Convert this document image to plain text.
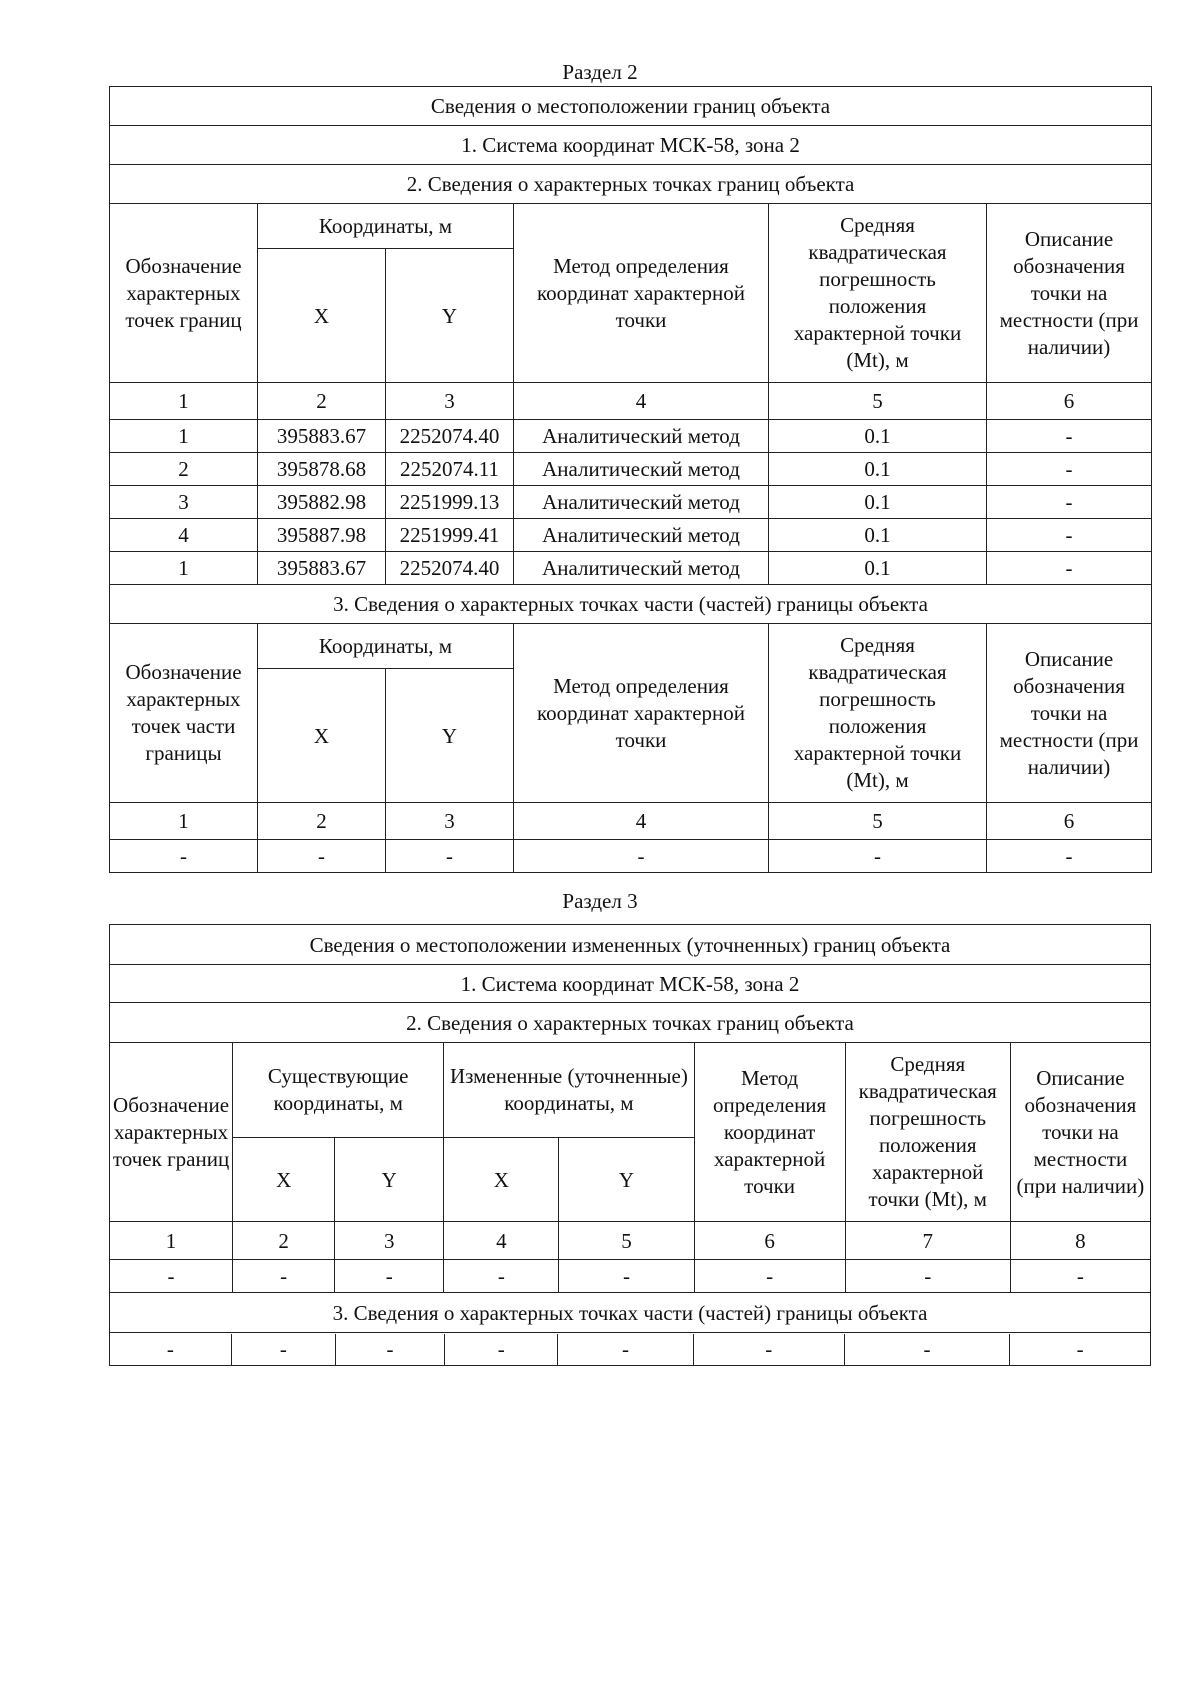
Раздел 2
Сведения о местоположении границ объекта					
1. Система координат МСК-58, зона 2					
2. Сведения о характерных точках границ объекта					
Обозначение характерных точек границ	Координаты, м		Метод определения координат характерной точки	Средняя квадратическая погрешность положения характерной точки (Mt), м	Описание обозначения точки на местности (при наличии)
	X	Y			
1	2	3	4	5	6
1	395883.67	2252074.40	Аналитический метод	0.1	-
2	395878.68	2252074.11	Аналитический метод	0.1	-
3	395882.98	2251999.13	Аналитический метод	0.1	-
4	395887.98	2251999.41	Аналитический метод	0.1	-
1	395883.67	2252074.40	Аналитический метод	0.1	-
3. Сведения о характерных точках части (частей) границы объекта					
Обозначение характерных точек части границы	Координаты, м		Метод определения координат характерной точки	Средняя квадратическая погрешность положения характерной точки (Mt), м	Описание обозначения точки на местности (при наличии)
	X	Y			
1	2	3	4	5	6
-	-	-	-	-	-
Раздел 3
Сведения о местоположении измененных (уточненных) границ объекта
1. Система координат МСК-58, зона 2
2. Сведения о характерных точках границ объекта
Обозначение характерных точек границ	Существующие координаты, м	Измененные (уточненные) координаты, м	Метод определения координат характерной точки	Средняя квадратическая погрешность положения характерной точки (Mt), м	Описание обозначения точки на местности (при наличии)
X	Y	X	Y
1	2	3	4	5	6	7	8
-	-	-	-	-	-	-	-
3. Сведения о характерных точках части (частей) границы объекта

-	-	-	-	-	-	-	-
